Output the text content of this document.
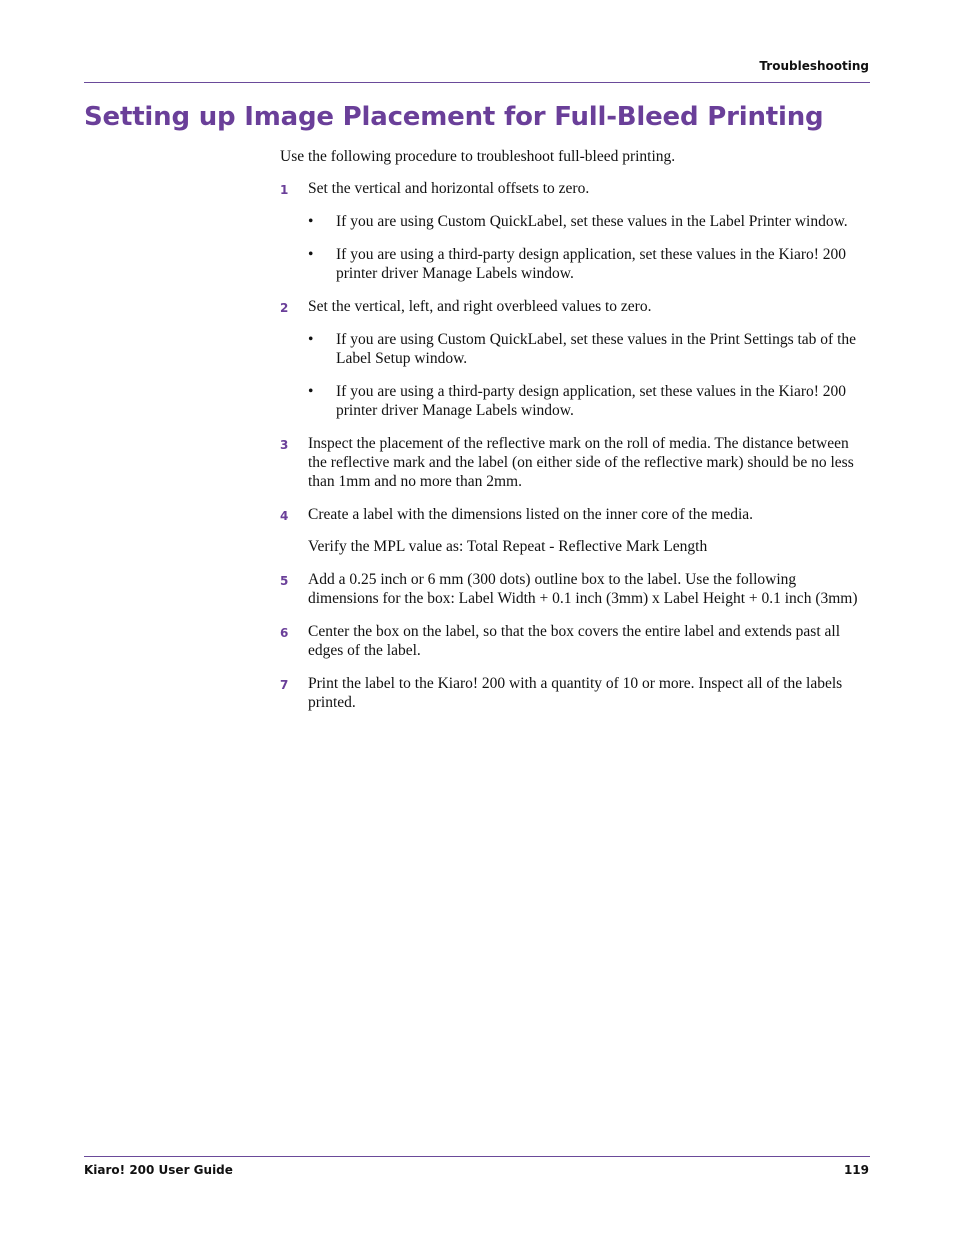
Troubleshooting
Setting up Image Placement for Full-Bleed Printing

Use the following procedure to troubleshoot full-bleed printing.

1 Set the vertical and horizontal offsets to zero.

• If you are using Custom QuickLabel, set these values in the Label Printer window.
• If you are using a third-party design application, set these values in the Kiaro! 200 printer driver Manage Labels window.
2 Set the vertical, left, and right overbleed values to zero.

• If you are using Custom QuickLabel, set these values in the Print Settings tab of the Label Setup window.
• If you are using a third-party design application, set these values in the Kiaro! 200 printer driver Manage Labels window.
3 Inspect the placement of the reflective mark on the roll of media. The distance between the reflective mark and the label (on either side of the reflective mark) should be no less than 1mm and no more than 2mm.

4 Create a label with the dimensions listed on the inner core of the media.

Verify the MPL value as: Total Repeat - Reflective Mark Length

5 Add a 0.25 inch or 6 mm (300 dots) outline box to the label. Use the following dimensions for the box: Label Width + 0.1 inch (3mm) x Label Height + 0.1 inch (3mm)

6 Center the box on the label, so that the box covers the entire label and extends past all edges of the label.

7 Print the label to the Kiaro! 200 with a quantity of 10 or more. Inspect all of the labels printed.

Kiaro! 200 User Guide	119
